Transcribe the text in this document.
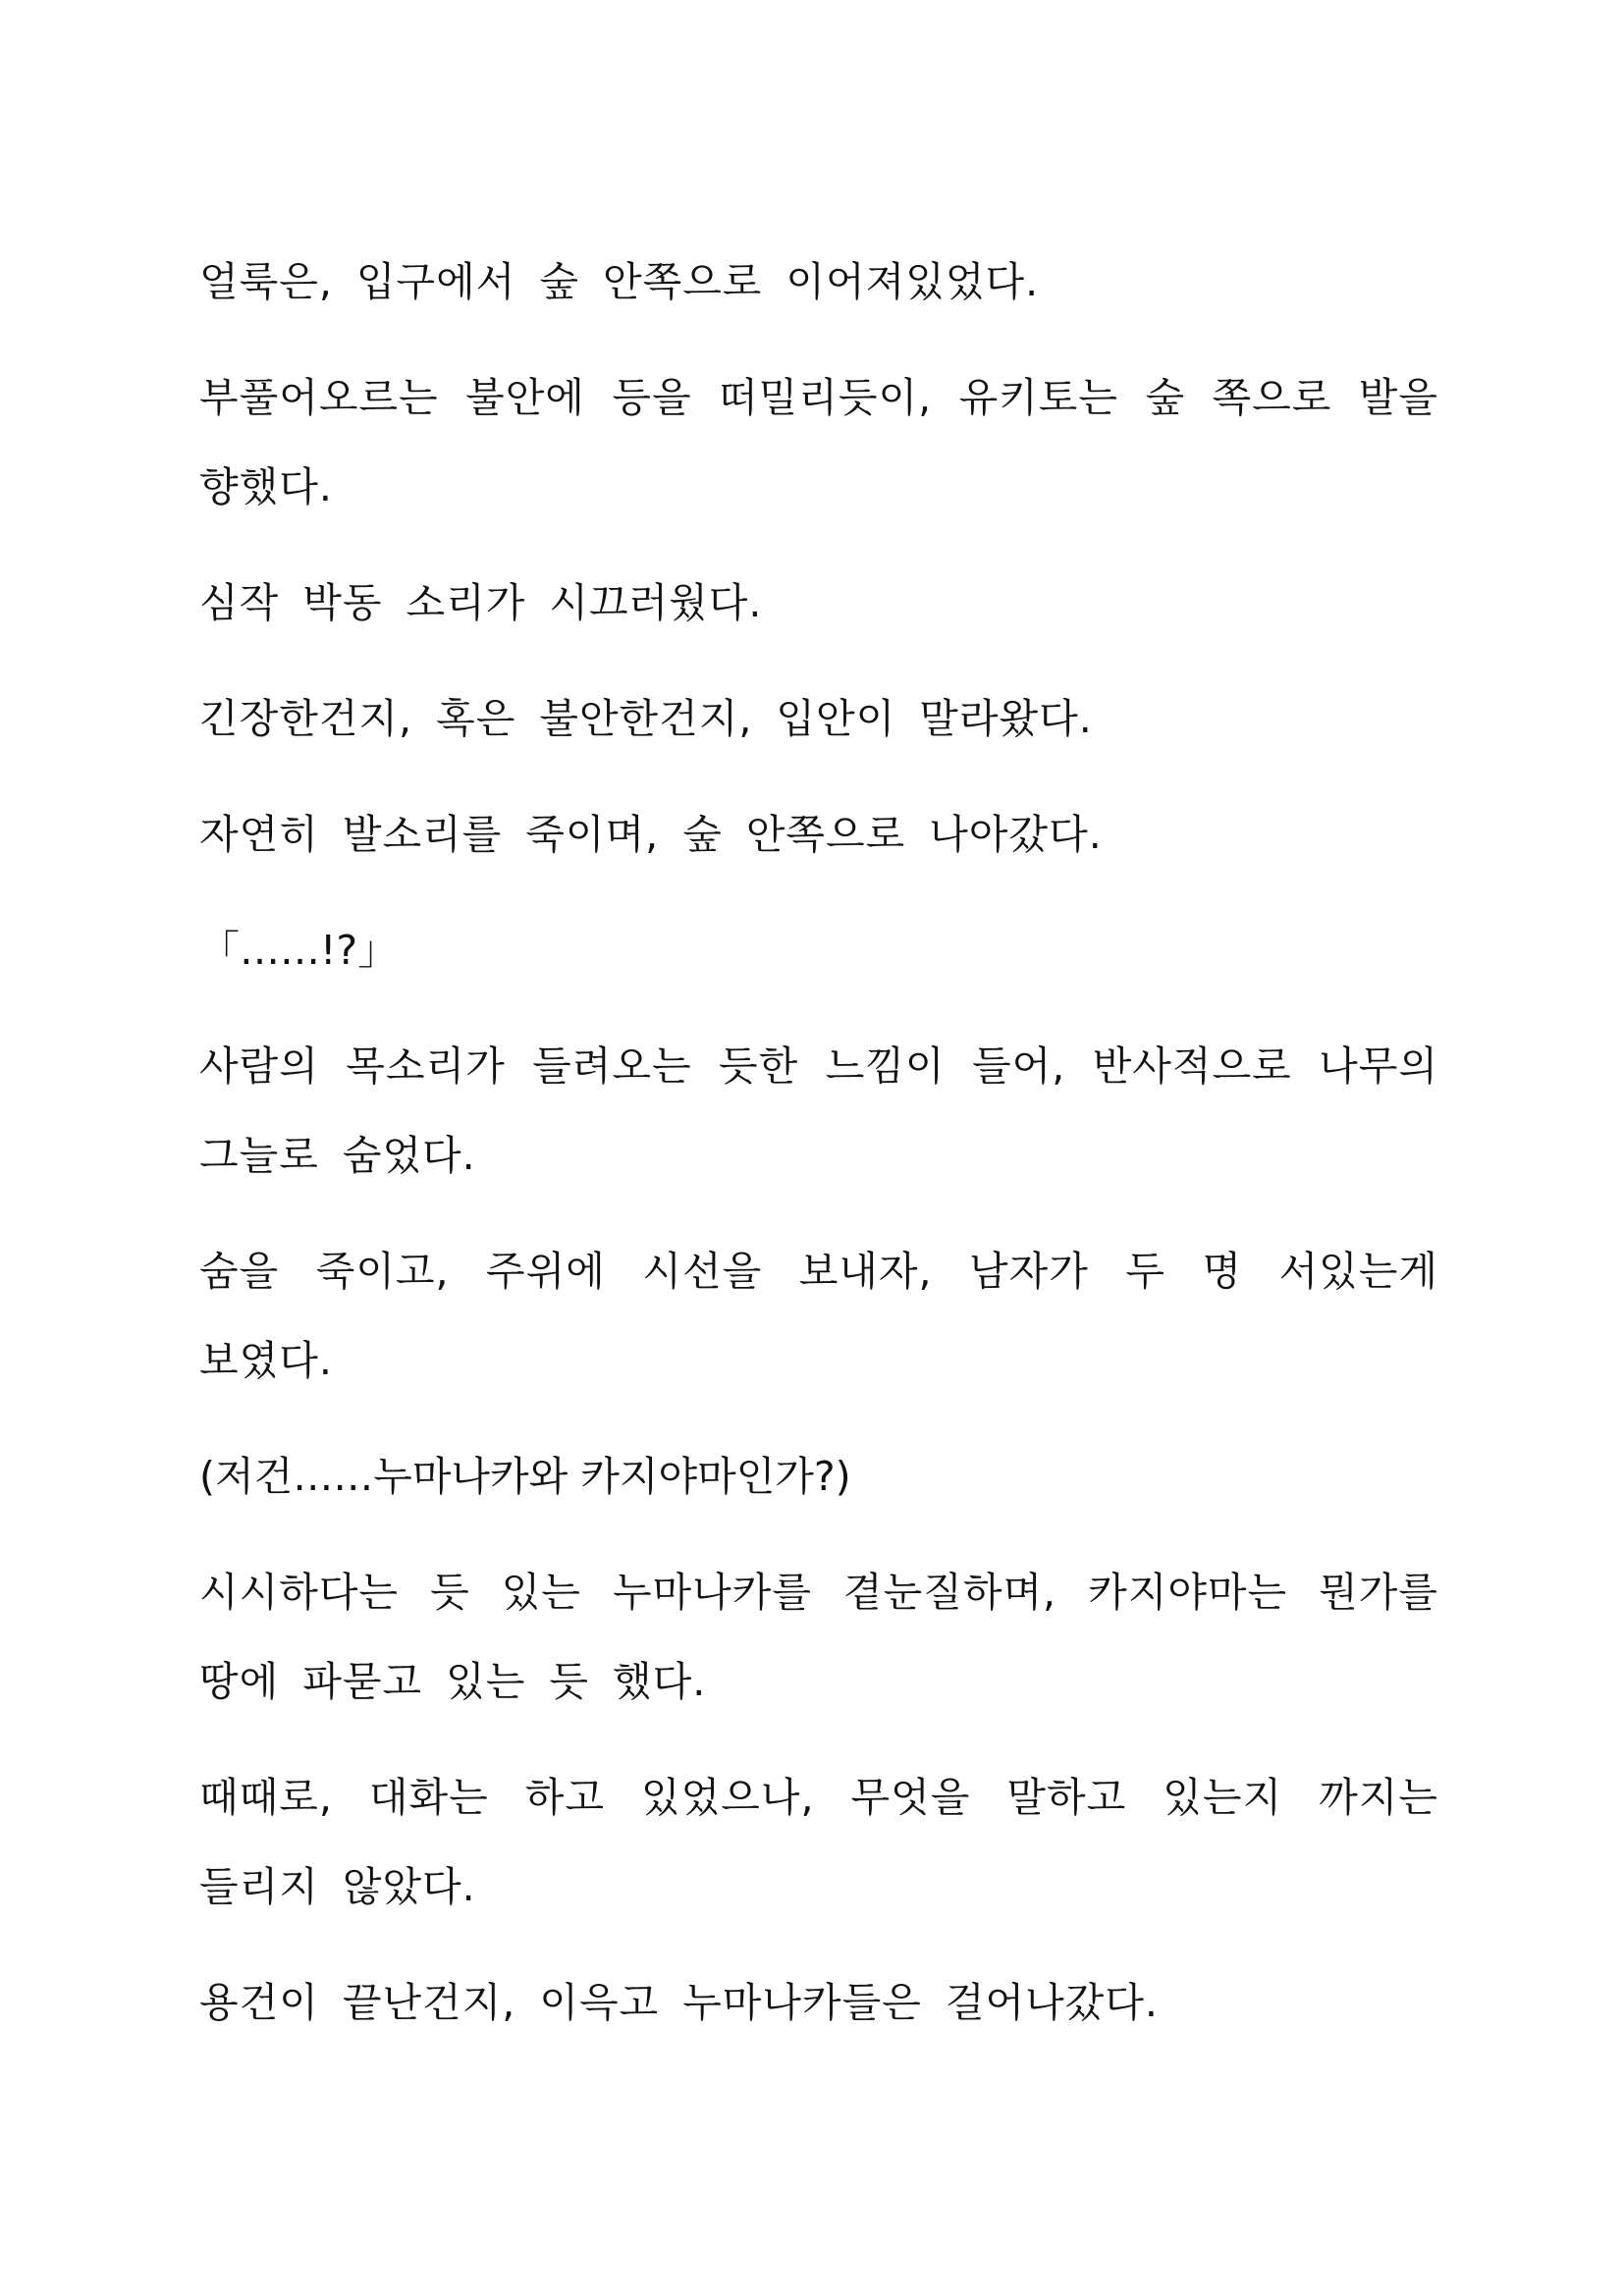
얼룩은, 입구에서 숲 안쪽으로 이어져있었다.

부풀어오르는 불안에 등을 떠밀리듯이, 유키토는 숲 쪽으로 발을 향했다.

심작 박동 소리가 시끄러웠다.

긴장한건지, 혹은 불안한건지, 입안이 말라왔다.

자연히 발소리를 죽이며, 숲 안쪽으로 나아갔다.

「……!?」

사람의 목소리가 들려오는 듯한 느낌이 들어, 반사적으로 나무의 그늘로 숨었다.

숨을 죽이고, 주위에 시선을 보내자, 남자가 두 명 서있는게 보였다.

(저건……누마나카와 카지야마인가?)

시시하다는 듯 있는 누마나카를 곁눈질하며, 카지야마는 뭔가를 땅에 파묻고 있는 듯 했다.

때때로, 대화는 하고 있었으나, 무엇을 말하고 있는지 까지는 들리지 않았다.

용건이 끝난건지, 이윽고 누마나카들은 걸어나갔다.
